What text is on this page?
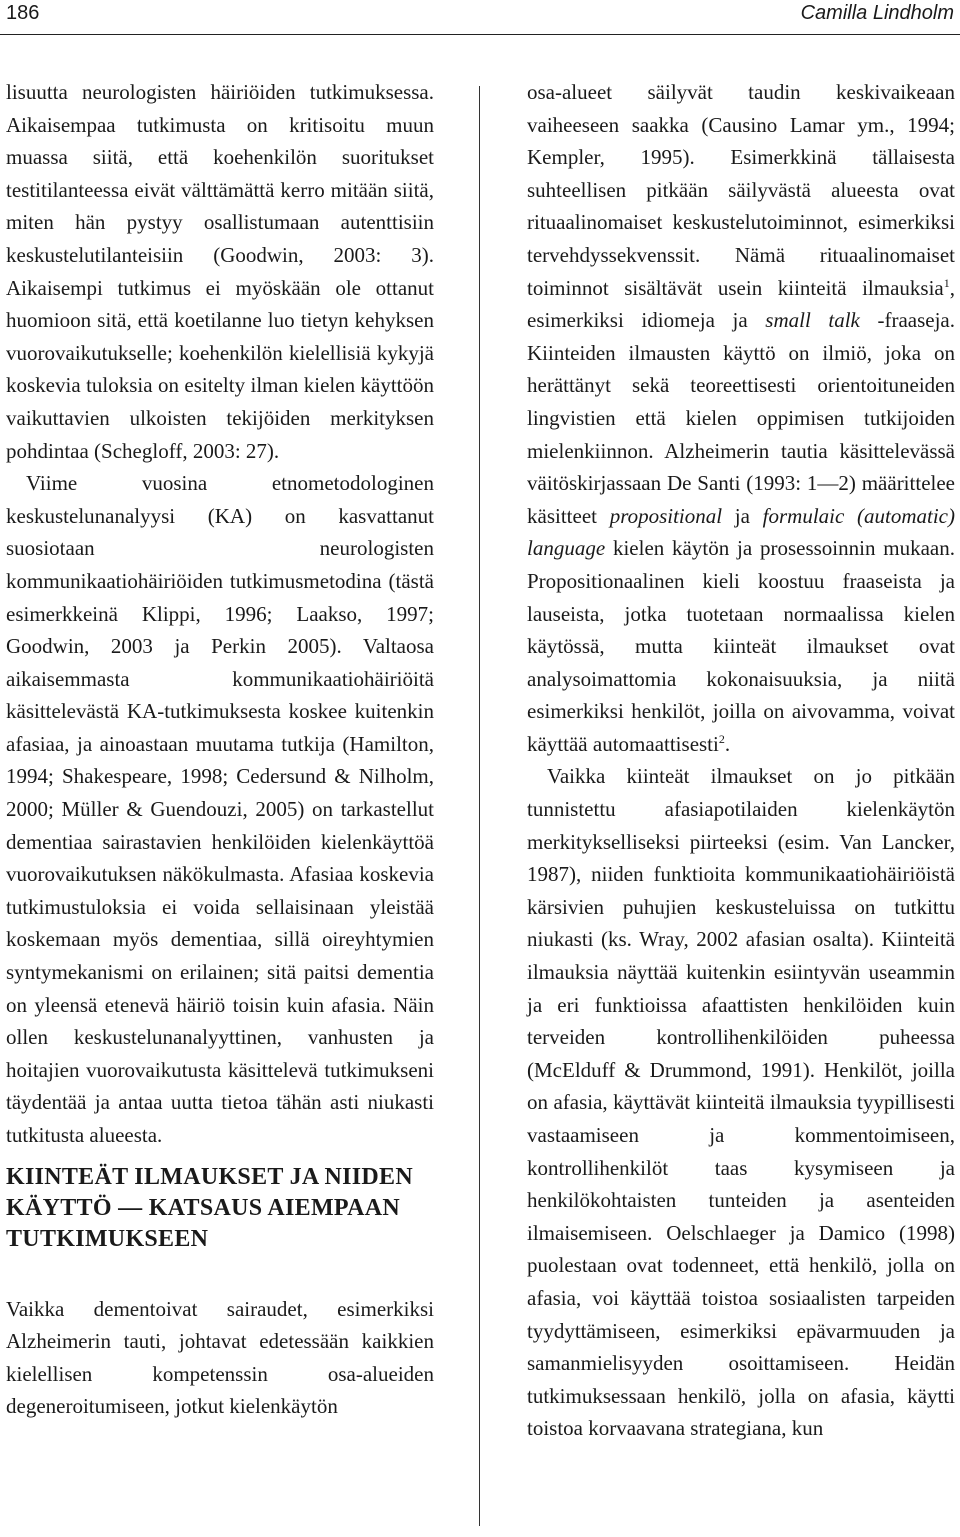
186	Camilla Lindholm

lisuutta neurologisten häiriöiden tutkimuksessa. Aikaisempaa tutkimusta on kritisoitu muun muassa siitä, että koehenkilön suoritukset testitilanteessa eivät välttämättä kerro mitään siitä, miten hän pystyy osallistumaan autenttisiin keskustelutilanteisiin (Goodwin, 2003: 3). Aikaisempi tutkimus ei myöskään ole ottanut huomioon sitä, että koetilanne luo tietyn kehyksen vuorovaikutukselle; koehenkilön kielellisiä kykyjä koskevia tuloksia on esitelty ilman kielen käyttöön vaikuttavien ulkoisten tekijöiden merkityksen pohdintaa (Schegloff, 2003: 27).

Viime vuosina etnometodologinen keskustelunanalyysi (KA) on kasvattanut suosiotaan neurologisten kommunikaatiohäiriöiden tutkimusmetodina (tästä esimerkkeinä Klippi, 1996; Laakso, 1997; Goodwin, 2003 ja Perkin 2005). Valtaosa aikaisemmasta kommunikaatiohäiriöitä käsittelevästä KA-tutkimuksesta koskee kuitenkin afasiaa, ja ainoastaan muutama tutkija (Hamilton, 1994; Shakespeare, 1998; Cedersund & Nilholm, 2000; Müller & Guendouzi, 2005) on tarkastellut dementiaa sairastavien henkilöiden kielenkäyttöä vuorovaikutuksen näkökulmasta. Afasiaa koskevia tutkimustuloksia ei voida sellaisinaan yleistää koskemaan myös dementiaa, sillä oireyhtymien syntymekanismi on erilainen; sitä paitsi dementia on yleensä etenevä häiriö toisin kuin afasia. Näin ollen keskustelunanalyyttinen, vanhusten ja hoitajien vuorovaikutusta käsittelevä tutkimukseni täydentää ja antaa uutta tietoa tähän asti niukasti tutkitusta alueesta.

KIINTEÄT ILMAUKSET JA NIIDEN
KÄYTTÖ — KATSAUS AIEMPAAN
TUTKIMUKSEEN

Vaikka dementoivat sairaudet, esimerkiksi Alzheimerin tauti, johtavat edetessään kaikkien kielellisen kompetenssin osa-alueiden degeneroitumiseen, jotkut kielenkäytön

osa-alueet säilyvät taudin keskivaikeaan vaiheeseen saakka (Causino Lamar ym., 1994; Kempler, 1995). Esimerkkinä tällaisesta suhteellisen pitkään säilyvästä alueesta ovat rituaalinomaiset keskustelutoiminnot, esimerkiksi tervehdyssekvenssit. Nämä rituaalinomaiset toiminnot sisältävät usein kiinteitä ilmauksia$^1$, esimerkiksi idiomeja ja small talk -fraaseja. Kiinteiden ilmausten käyttö on ilmiö, joka on herättänyt sekä teoreettisesti orientoituneiden lingvistien että kielen oppimisen tutkijoiden mielenkiinnon. Alzheimerin tautia käsittelevässä väitöskirjassaan De Santi (1993: 1—2) määrittelee käsitteet propositional ja formulaic (automatic) language kielen käytön ja prosessoinnin mukaan. Propositionaalinen kieli koostuu fraaseista ja lauseista, jotka tuotetaan normaalissa kielen käytössä, mutta kiinteät ilmaukset ovat analysoimattomia kokonaisuuksia, ja niitä esimerkiksi henkilöt, joilla on aivovamma, voivat käyttää automaattisesti$^2$.

Vaikka kiinteät ilmaukset on jo pitkään tunnistettu afasiapotilaiden kielenkäytön merkitykselliseksi piirteeksi (esim. Van Lancker, 1987), niiden funktioita kommunikaatiohäiriöistä kärsivien puhujien keskusteluissa on tutkittu niukasti (ks. Wray, 2002 afasian osalta). Kiinteitä ilmauksia näyttää kuitenkin esiintyvän useammin ja eri funktioissa afaattisten henkilöiden kuin terveiden kontrollihenkilöiden puheessa (McElduff & Drummond, 1991). Henkilöt, joilla on afasia, käyttävät kiinteitä ilmauksia tyypillisesti vastaamiseen ja kommentoimiseen, kontrollihenkilöt taas kysymiseen ja henkilökohtaisten tunteiden ja asenteiden ilmaisemiseen. Oelschlaeger ja Damico (1998) puolestaan ovat todenneet, että henkilö, jolla on afasia, voi käyttää toistoa sosiaalisten tarpeiden tyydyttämiseen, esimerkiksi epävarmuuden ja samanmielisyyden osoittamiseen. Heidän tutkimuksessaan henkilö, jolla on afasia, käytti toistoa korvaavana strategiana, kun
